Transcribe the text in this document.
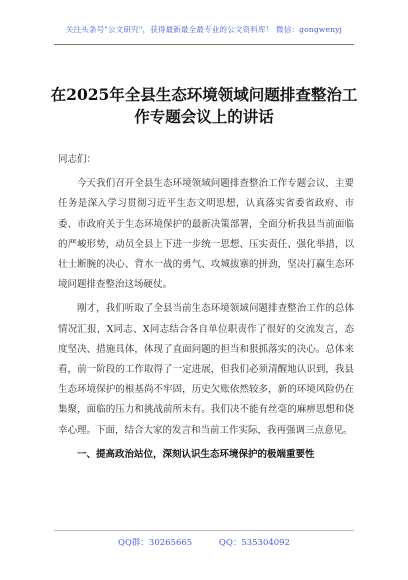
关注头条号"公文研究"，获得最新最全最专业的公文资料库！ 微信：gongwenyj
在2025年全县生态环境领域问题排查整治工作专题会议上的讲话

同志们：

今天我们召开全县生态环境领域问题排查整治工作专题会议，主要任务是深入学习贯彻习近平生态文明思想，认真落实省委省政府、市委、市政府关于生态环境保护的最新决策部署，全面分析我县当前面临的严峻形势，动员全县上下进一步统一思想、压实责任、强化举措，以壮士断腕的决心、背水一战的勇气、攻城拔寨的拼劲，坚决打赢生态环境问题排查整治这场硬仗。

刚才，我们听取了全县当前生态环境领域问题排查整治工作的总体情况汇报，X同志、X同志结合各自单位职责作了很好的交流发言，态度坚决、措施具体，体现了直面问题的担当和狠抓落实的决心。总体来看，前一阶段的工作取得了一定进展，但我们必须清醒地认识到，我县生态环境保护的根基尚不牢固，历史欠账依然较多，新的环境风险仍在集聚，面临的压力和挑战前所未有。我们决不能有丝毫的麻痹思想和侥幸心理。下面，结合大家的发言和当前工作实际，我再强调三点意见。

一、提高政治站位，深刻认识生态环境保护的极端重要性

QQ群：30265665	QQ：535304092
